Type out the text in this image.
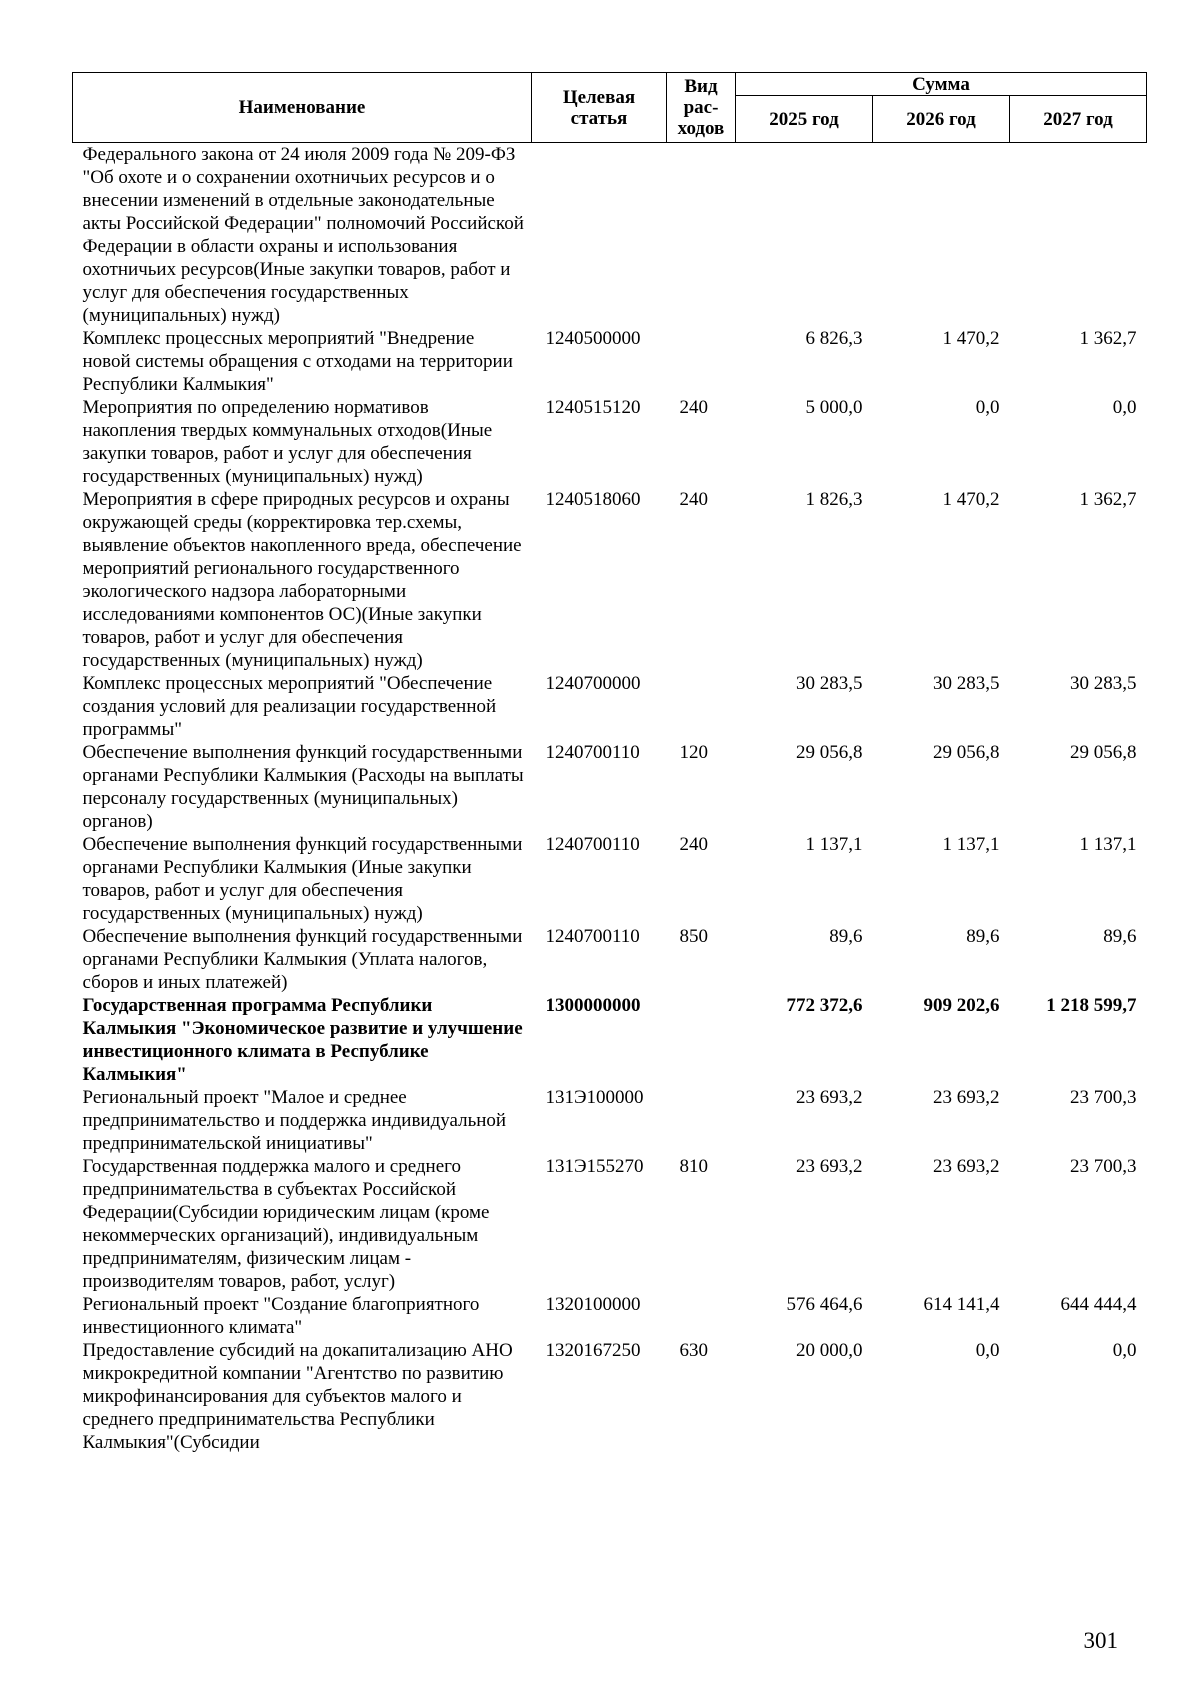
Наименование	Целевая статья	Вид рас-ходов	Сумма		
			2025 год	2026 год	2027 год
Федерального закона от 24 июля 2009 года № 209-ФЗ "Об охоте и о сохранении охотничьих ресурсов и о внесении изменений в отдельные законодательные акты Российской Федерации" полномочий Российской Федерации в области охраны и использования охотничьих ресурсов(Иные закупки товаров, работ и услуг для обеспечения государственных (муниципальных) нужд)					
Комплекс процессных мероприятий "Внедрение новой системы обращения с отходами на территории Республики Калмыкия"	1240500000		6 826,3	1 470,2	1 362,7
Мероприятия по определению нормативов накопления твердых коммунальных отходов(Иные закупки товаров, работ и услуг для обеспечения государственных (муниципальных) нужд)	1240515120	240	5 000,0	0,0	0,0
Мероприятия в сфере природных ресурсов и охраны окружающей среды (корректировка тер.схемы, выявление объектов накопленного вреда, обеспечение мероприятий регионального государственного экологического надзора лабораторными исследованиями компонентов ОС)(Иные закупки товаров, работ и услуг для обеспечения государственных (муниципальных) нужд)	1240518060	240	1 826,3	1 470,2	1 362,7
Комплекс процессных мероприятий "Обеспечение создания условий для реализации государственной программы"	1240700000		30 283,5	30 283,5	30 283,5
Обеспечение выполнения функций государственными органами Республики Калмыкия (Расходы на выплаты персоналу государственных (муниципальных) органов)	1240700110	120	29 056,8	29 056,8	29 056,8
Обеспечение выполнения функций государственными органами Республики Калмыкия (Иные закупки товаров, работ и услуг для обеспечения государственных (муниципальных) нужд)	1240700110	240	1 137,1	1 137,1	1 137,1
Обеспечение выполнения функций государственными органами Республики Калмыкия (Уплата налогов, сборов и иных платежей)	1240700110	850	89,6	89,6	89,6
Государственная программа Республики Калмыкия "Экономическое развитие и улучшение инвестиционного климата в Республике Калмыкия"	1300000000		772 372,6	909 202,6	1 218 599,7
Региональный проект "Малое и среднее предпринимательство и поддержка индивидуальной предпринимательской инициативы"	131Э100000		23 693,2	23 693,2	23 700,3
Государственная поддержка малого и среднего предпринимательства в субъектах Российской Федерации(Субсидии юридическим лицам (кроме некоммерческих организаций), индивидуальным предпринимателям, физическим лицам - производителям товаров, работ, услуг)	131Э155270	810	23 693,2	23 693,2	23 700,3
Региональный проект "Создание благоприятного инвестиционного климата"	1320100000		576 464,6	614 141,4	644 444,4
Предоставление субсидий на докапитализацию АНО микрокредитной компании "Агентство по развитию микрофинансирования для субъектов малого и среднего предпринимательства Республики Калмыкия"(Субсидии	1320167250	630	20 000,0	0,0	0,0
301
